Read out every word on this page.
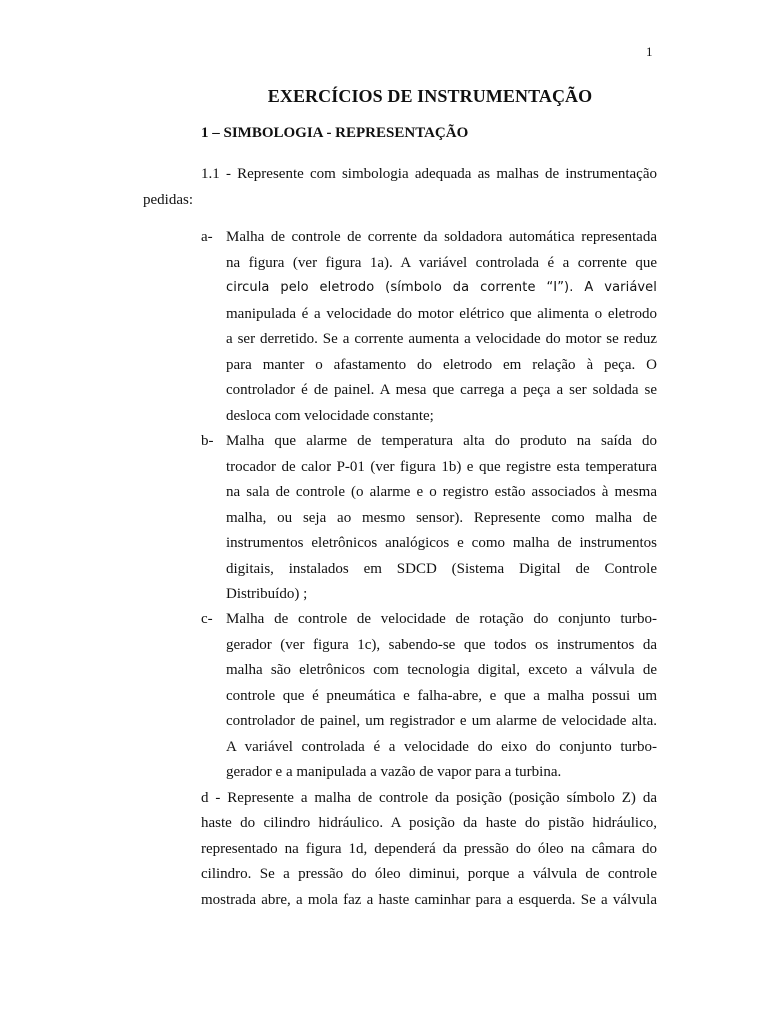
1
EXERCÍCIOS DE INSTRUMENTAÇÃO
1 – SIMBOLOGIA - REPRESENTAÇÃO
1.1 - Represente com simbologia adequada as malhas de instrumentação
pedidas:
a- Malha de controle de corrente da soldadora automática representada
na figura (ver figura 1a). A variável controlada é a corrente que
circula pelo eletrodo (símbolo da corrente “I”). A variável
manipulada é a velocidade do motor elétrico que alimenta o eletrodo
a ser derretido. Se a corrente aumenta a velocidade do motor se reduz
para manter o afastamento do eletrodo em relação à peça. O
controlador é de painel. A mesa que carrega a peça a ser soldada se
desloca com velocidade constante;
b- Malha que alarme de temperatura alta do produto na saída do
trocador de calor P-01 (ver figura 1b) e que registre esta temperatura
na sala de controle (o alarme e o registro estão associados à mesma
malha, ou seja ao mesmo sensor). Represente como malha de
instrumentos eletrônicos analógicos e como malha de instrumentos
digitais, instalados em SDCD (Sistema Digital de Controle
Distribuído) ;
c- Malha de controle de velocidade de rotação do conjunto turbo-
gerador (ver figura 1c), sabendo-se que todos os instrumentos da
malha são eletrônicos com tecnologia digital, exceto a válvula de
controle que é pneumática e falha-abre, e que a malha possui um
controlador de painel, um registrador e um alarme de velocidade alta.
A variável controlada é a velocidade do eixo do conjunto turbo-
gerador e a manipulada a vazão de vapor para a turbina.
d - Represente a malha de controle da posição (posição símbolo Z) da
haste do cilindro hidráulico. A posição da haste do pistão hidráulico,
representado na figura 1d, dependerá da pressão do óleo na câmara do
cilindro. Se a pressão do óleo diminui, porque a válvula de controle
mostrada abre, a mola faz a haste caminhar para a esquerda. Se a válvula
